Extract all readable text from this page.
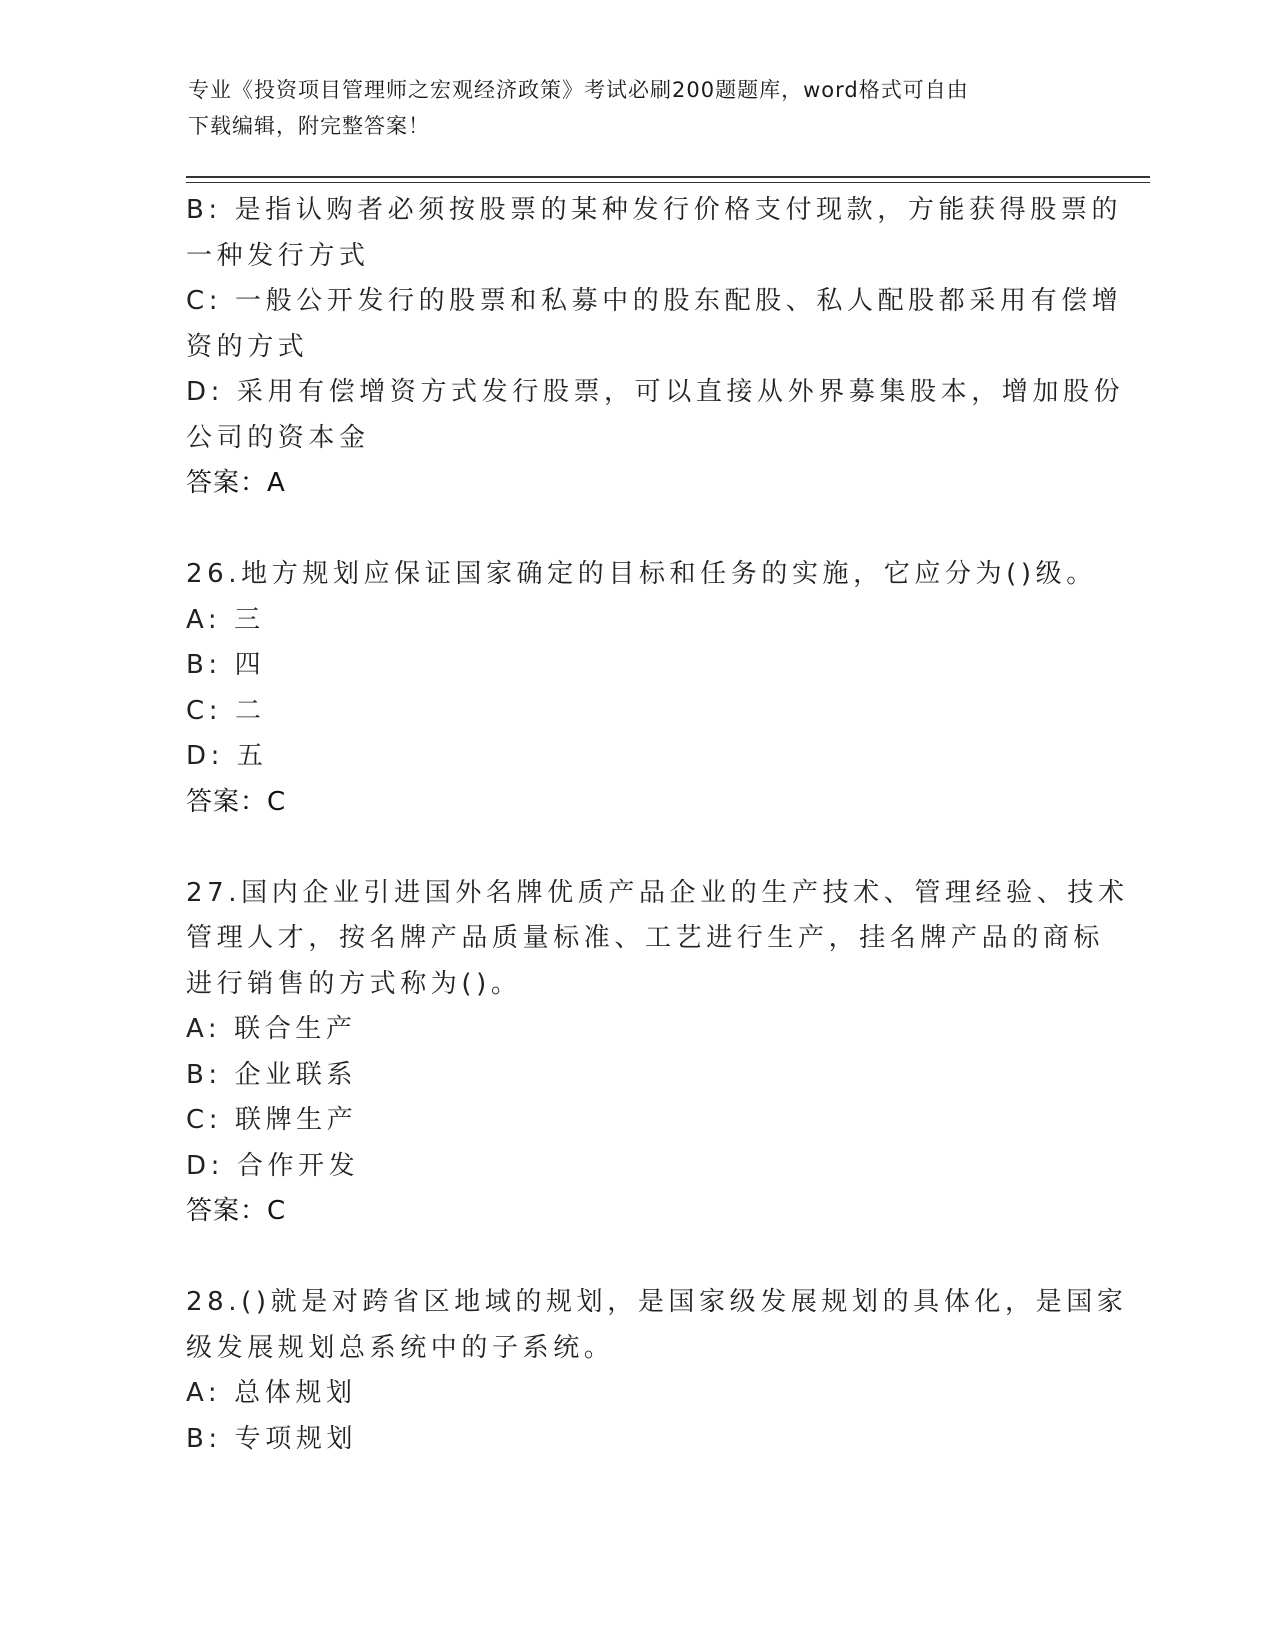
专业《投资项目管理师之宏观经济政策》考试必刷200题题库，word格式可自由
下载编辑，附完整答案！
B: 是指认购者必须按股票的某种发行价格支付现款，方能获得股票的
一种发行方式
C: 一般公开发行的股票和私募中的股东配股、私人配股都采用有偿增
资的方式
D: 采用有偿增资方式发行股票，可以直接从外界募集股本，增加股份
公司的资本金
答案：A
26.地方规划应保证国家确定的目标和任务的实施，它应分为()级。
A: 三
B: 四
C: 二
D: 五
答案：C
27.国内企业引进国外名牌优质产品企业的生产技术、管理经验、技术
管理人才，按名牌产品质量标准、工艺进行生产，挂名牌产品的商标
进行销售的方式称为()。
A: 联合生产
B: 企业联系
C: 联牌生产
D: 合作开发
答案：C
28.()就是对跨省区地域的规划，是国家级发展规划的具体化，是国家
级发展规划总系统中的子系统。
A: 总体规划
B: 专项规划
